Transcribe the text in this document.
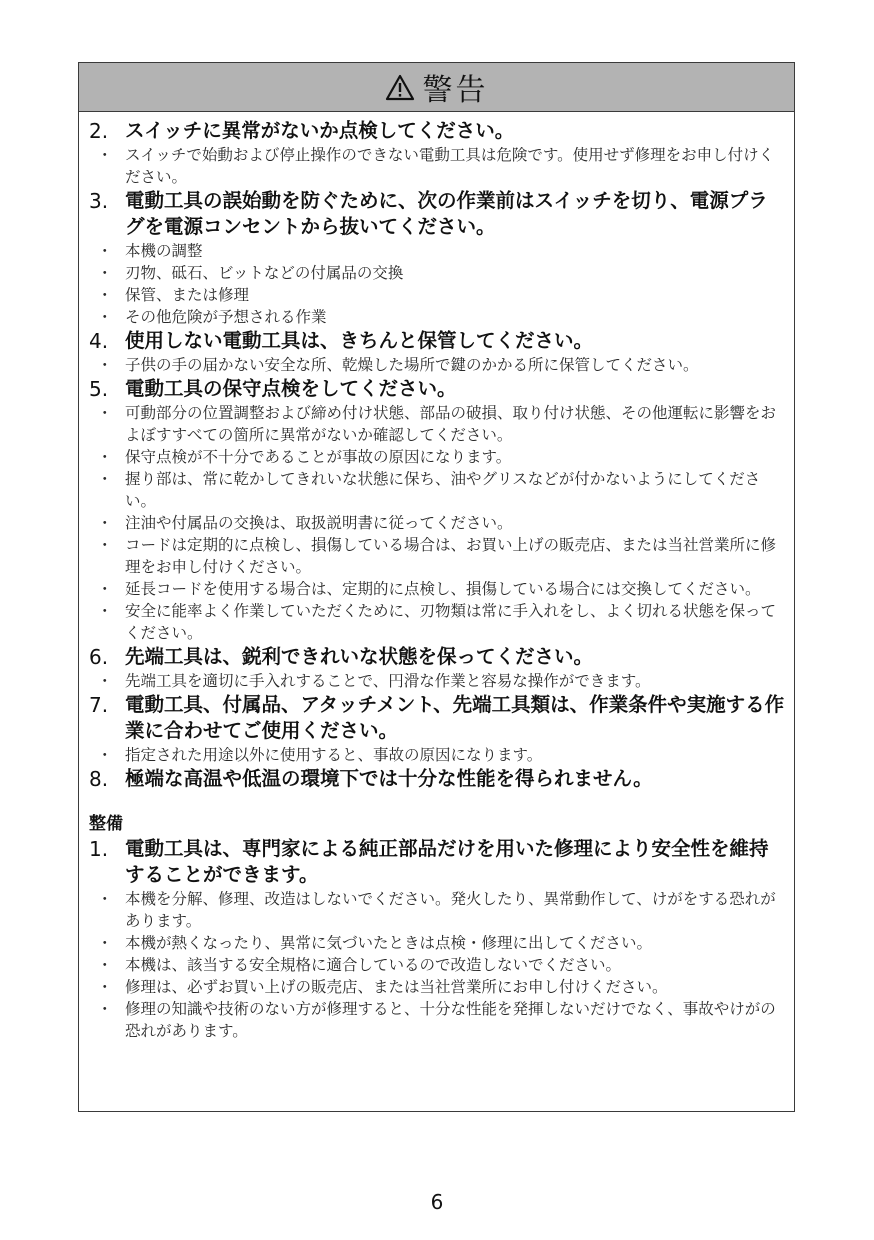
警告
2. スイッチに異常がないか点検してください。
・ スイッチで始動および停止操作のできない電動工具は危険です。使用せず修理をお申し付けください。
3. 電動工具の誤始動を防ぐために、次の作業前はスイッチを切り、電源プラグを電源コンセントから抜いてください。
・ 本機の調整
・ 刃物、砥石、ビットなどの付属品の交換
・ 保管、または修理
・ その他危険が予想される作業
4. 使用しない電動工具は、きちんと保管してください。
・ 子供の手の届かない安全な所、乾燥した場所で鍵のかかる所に保管してください。
5. 電動工具の保守点検をしてください。
・ 可動部分の位置調整および締め付け状態、部品の破損、取り付け状態、その他運転に影響をおよぼすすべての箇所に異常がないか確認してください。
・ 保守点検が不十分であることが事故の原因になります。
・ 握り部は、常に乾かしてきれいな状態に保ち、油やグリスなどが付かないようにしてください。
・ 注油や付属品の交換は、取扱説明書に従ってください。
・ コードは定期的に点検し、損傷している場合は、お買い上げの販売店、または当社営業所に修理をお申し付けください。
・ 延長コードを使用する場合は、定期的に点検し、損傷している場合には交換してください。
・ 安全に能率よく作業していただくために、刃物類は常に手入れをし、よく切れる状態を保ってください。
6. 先端工具は、鋭利できれいな状態を保ってください。
・ 先端工具を適切に手入れすることで、円滑な作業と容易な操作ができます。
7. 電動工具、付属品、アタッチメント、先端工具類は、作業条件や実施する作業に合わせてご使用ください。
・ 指定された用途以外に使用すると、事故の原因になります。
8. 極端な高温や低温の環境下では十分な性能を得られません。
整備
1. 電動工具は、専門家による純正部品だけを用いた修理により安全性を維持することができます。
・ 本機を分解、修理、改造はしないでください。発火したり、異常動作して、けがをする恐れがあります。
・ 本機が熱くなったり、異常に気づいたときは点検・修理に出してください。
・ 本機は、該当する安全規格に適合しているので改造しないでください。
・ 修理は、必ずお買い上げの販売店、または当社営業所にお申し付けください。
・ 修理の知識や技術のない方が修理すると、十分な性能を発揮しないだけでなく、事故やけがの恐れがあります。
6
